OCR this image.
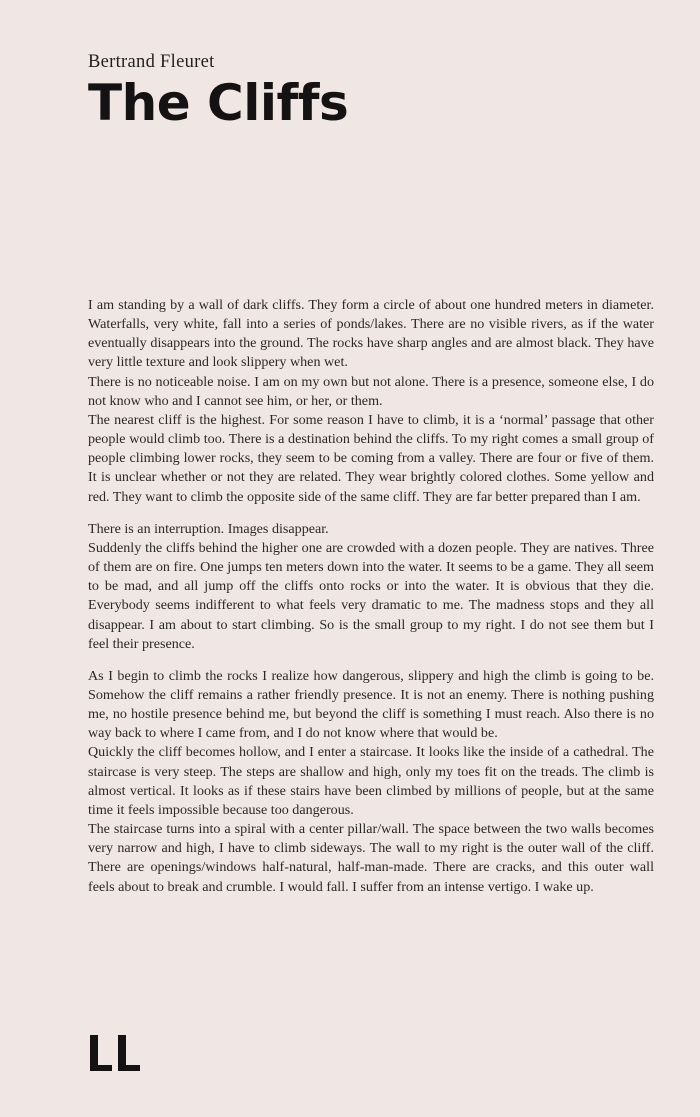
Bertrand Fleuret
The Cliffs

I am standing by a wall of dark cliffs. They form a circle of about one hundred meters in diameter. Waterfalls, very white, fall into a series of ponds/lakes. There are no visible rivers, as if the water eventually disappears into the ground. The rocks have sharp angles and are almost black. They have very little texture and look slippery when wet.
There is no noticeable noise. I am on my own but not alone. There is a presence, someone else, I do not know who and I cannot see him, or her, or them.
The nearest cliff is the highest. For some reason I have to climb, it is a ‘normal’ passage that other people would climb too. There is a destination behind the cliffs. To my right comes a small group of people climbing lower rocks, they seem to be coming from a valley. There are four or five of them. It is unclear whether or not they are related. They wear brightly colored clothes. Some yellow and red. They want to climb the opposite side of the same cliff. They are far better prepared than I am.

There is an interruption. Images disappear.
Suddenly the cliffs behind the higher one are crowded with a dozen people. They are natives. Three of them are on fire. One jumps ten meters down into the water. It seems to be a game. They all seem to be mad, and all jump off the cliffs onto rocks or into the water. It is obvious that they die. Everybody seems indifferent to what feels very dramatic to me. The madness stops and they all disappear. I am about to start climbing. So is the small group to my right. I do not see them but I feel their presence.

As I begin to climb the rocks I realize how dangerous, slippery and high the climb is going to be. Somehow the cliff remains a rather friendly presence. It is not an enemy. There is nothing pushing me, no hostile presence behind me, but beyond the cliff is something I must reach. Also there is no way back to where I came from, and I do not know where that would be.
Quickly the cliff becomes hollow, and I enter a staircase. It looks like the inside of a cathedral. The staircase is very steep. The steps are shallow and high, only my toes fit on the treads. The climb is almost vertical. It looks as if these stairs have been climbed by millions of people, but at the same time it feels impossible because too dangerous.
The staircase turns into a spiral with a center pillar/wall. The space between the two walls becomes very narrow and high, I have to climb sideways. The wall to my right is the outer wall of the cliff. There are openings/windows half-natural, half-man-made. There are cracks, and this outer wall feels about to break and crumble. I would fall. I suffer from an intense vertigo. I wake up.
